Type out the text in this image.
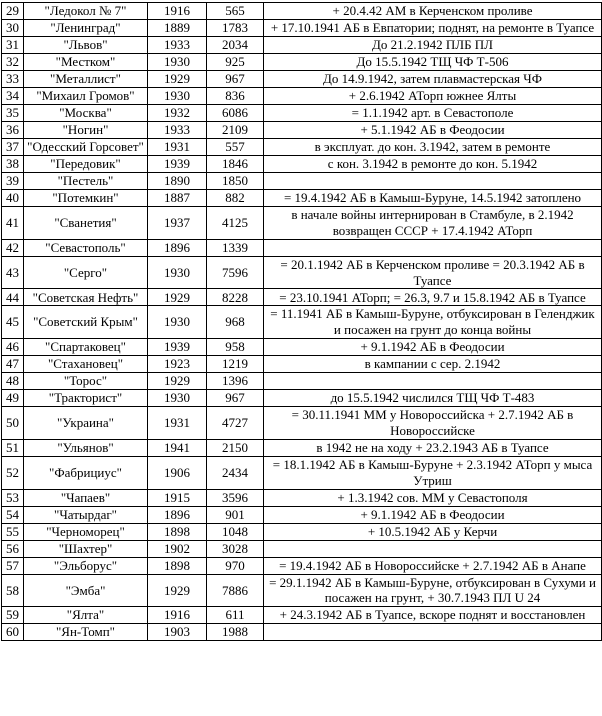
29	"Ледокол № 7"	1916	565	+ 20.4.42 АМ в Керченском проливе
30	"Ленинград"	1889	1783	+ 17.10.1941 АБ в Евпатории; поднят, на ремонте в Туапсе
31	"Львов"	1933	2034	До 21.2.1942 ПЛБ ПЛ
32	"Местком"	1930	925	До 15.5.1942 ТЩ ЧФ Т-506
33	"Металлист"	1929	967	До 14.9.1942, затем плавмастерская ЧФ
34	"Михаил Громов"	1930	836	+ 2.6.1942 АТорп южнее Ялты
35	"Москва"	1932	6086	= 1.1.1942 арт. в Севастополе
36	"Ногин"	1933	2109	+ 5.1.1942 АБ в Феодосии
37	"Одесский Горсовет"	1931	557	в эксплуат. до кон. 3.1942, затем в ремонте
38	"Передовик"	1939	1846	с кон. 3.1942 в ремонте до кон. 5.1942
39	"Пестель"	1890	1850	
40	"Потемкин"	1887	882	= 19.4.1942 АБ в Камыш-Буруне, 14.5.1942 затоплено
41	"Сванетия"	1937	4125	в начале войны интернирован в Стамбуле, в 2.1942 возвращен СССР + 17.4.1942 АТорп
42	"Севастополь"	1896	1339	
43	"Серго"	1930	7596	= 20.1.1942 АБ в Керченском проливе = 20.3.1942 АБ в Туапсе
44	"Советская Нефть"	1929	8228	= 23.10.1941 АТорп; = 26.3, 9.7 и 15.8.1942 АБ в Туапсе
45	"Советский Крым"	1930	968	= 11.1941 АБ в Камыш-Буруне, отбуксирован в Геленджик и посажен на грунт до конца войны
46	"Спартаковец"	1939	958	+ 9.1.1942 АБ в Феодосии
47	"Стахановец"	1923	1219	в кампании с сер. 2.1942
48	"Торос"	1929	1396	
49	"Тракторист"	1930	967	до 15.5.1942 числился ТЩ ЧФ Т-483
50	"Украина"	1931	4727	= 30.11.1941 ММ у Новороссийска + 2.7.1942 АБ в Новороссийске
51	"Ульянов"	1941	2150	в 1942 не на ходу + 23.2.1943 АБ в Туапсе
52	"Фабрициус"	1906	2434	= 18.1.1942 АБ в Камыш-Буруне + 2.3.1942 АТорп у мыса Утриш
53	"Чапаев"	1915	3596	+ 1.3.1942 сов. ММ у Севастополя
54	"Чатырдаг"	1896	901	+ 9.1.1942 АБ в Феодосии
55	"Черноморец"	1898	1048	+ 10.5.1942 АБ у Керчи
56	"Шахтер"	1902	3028	
57	"Эльборус"	1898	970	= 19.4.1942 АБ в Новороссийске + 2.7.1942 АБ в Анапе
58	"Эмба"	1929	7886	= 29.1.1942 АБ в Камыш-Буруне, отбуксирован в Сухуми и посажен на грунт, + 30.7.1943 ПЛ U 24
59	"Ялта"	1916	611	+ 24.3.1942 АБ в Туапсе, вскоре поднят и восстановлен
60	"Ян-Томп"	1903	1988	
